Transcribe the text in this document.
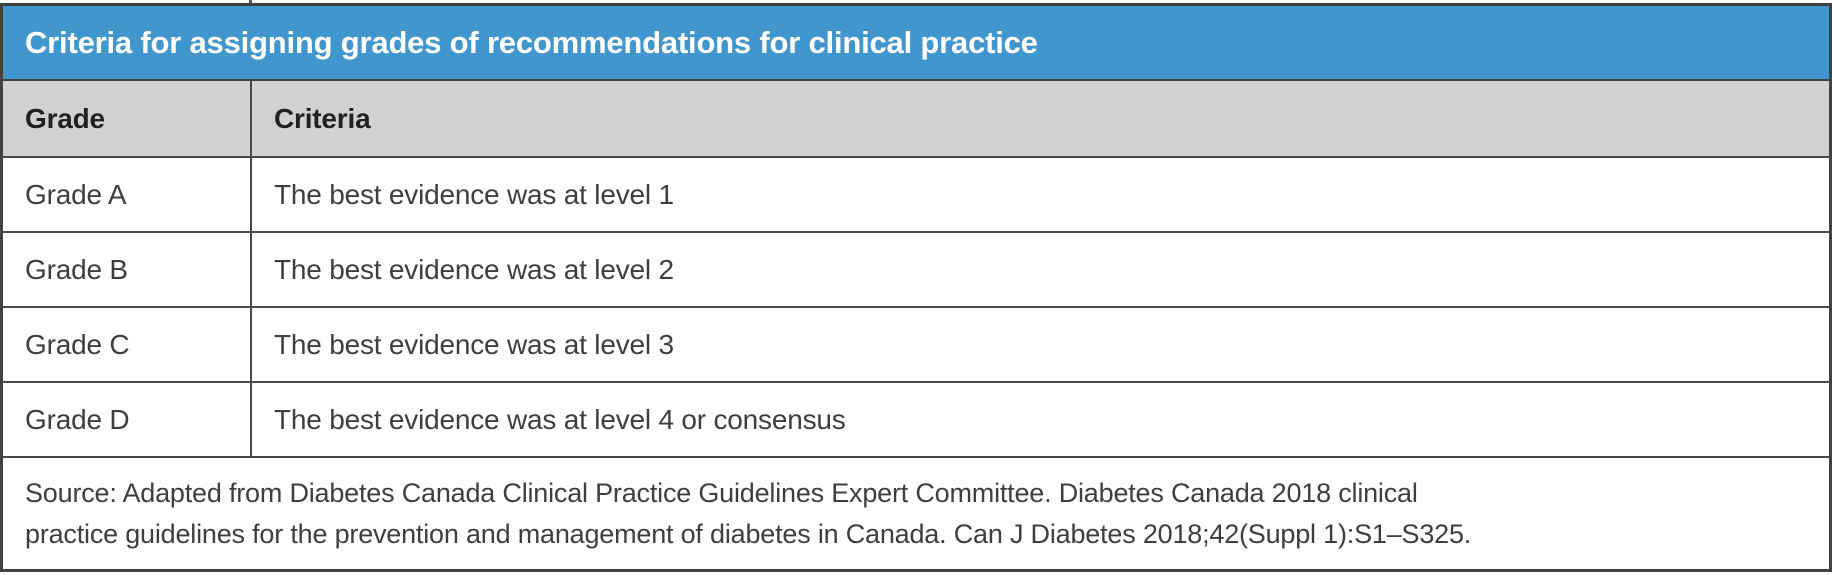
Criteria for assigning grades of recommendations for clinical practice
Grade	Criteria
Grade A	The best evidence was at level 1
Grade B	The best evidence was at level 2
Grade C	The best evidence was at level 3
Grade D	The best evidence was at level 4 or consensus
Source: Adapted from Diabetes Canada Clinical Practice Guidelines Expert Committee. Diabetes Canada 2018 clinical practice guidelines for the prevention and management of diabetes in Canada. Can J Diabetes 2018;42(Suppl 1):S1–S325.
